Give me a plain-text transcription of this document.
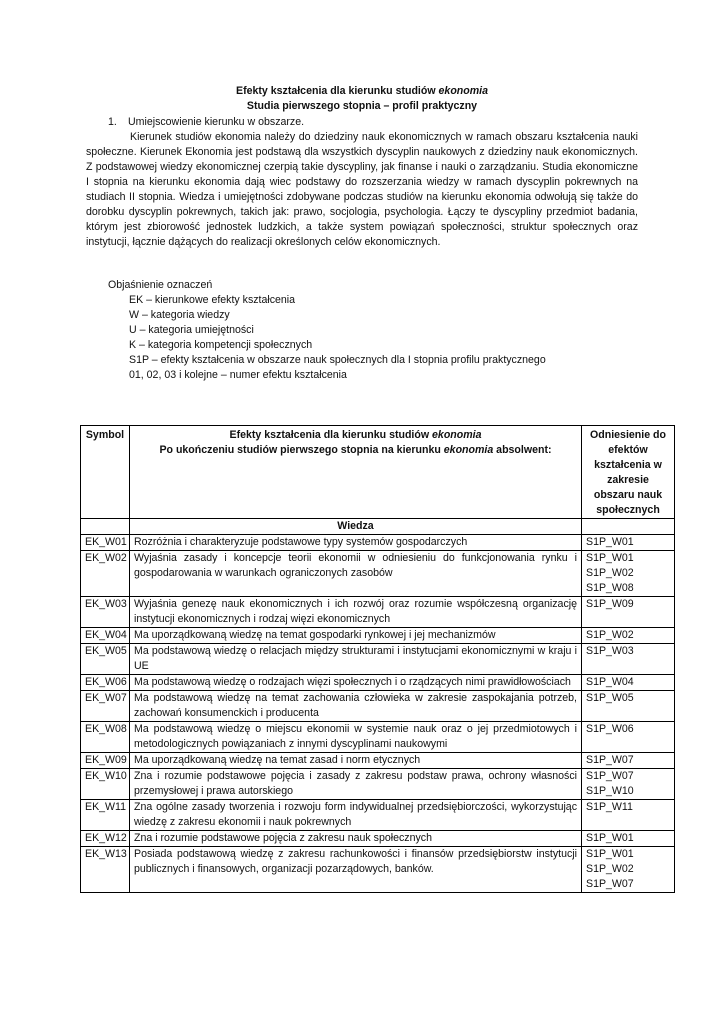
Efekty kształcenia dla kierunku studiów ekonomia
Studia pierwszego stopnia – profil praktyczny
1. Umiejscowienie kierunku w obszarze.

Kierunek studiów ekonomia należy do dziedziny nauk ekonomicznych w ramach obszaru kształcenia nauki społeczne. Kierunek Ekonomia jest podstawą dla wszystkich dyscyplin naukowych z dziedziny nauk ekonomicznych. Z podstawowej wiedzy ekonomicznej czerpią takie dyscypliny, jak finanse i nauki o zarządzaniu. Studia ekonomiczne I stopnia na kierunku ekonomia dają wiec podstawy do rozszerzania wiedzy w ramach dyscyplin pokrewnych na studiach II stopnia. Wiedza i umiejętności zdobywane podczas studiów na kierunku ekonomia odwołują się także do dorobku dyscyplin pokrewnych, takich jak: prawo, socjologia, psychologia. Łączy te dyscypliny przedmiot badania, którym jest zbiorowość jednostek ludzkich, a także system powiązań społeczności, struktur społecznych oraz instytucji, łącznie dążących do realizacji określonych celów ekonomicznych.

Objaśnienie oznaczeń
EK – kierunkowe efekty kształcenia
W – kategoria wiedzy
U – kategoria umiejętności
K – kategoria kompetencji społecznych
S1P – efekty kształcenia w obszarze nauk społecznych dla I stopnia profilu praktycznego
01, 02, 03 i kolejne – numer efektu kształcenia
Symbol	Efekty kształcenia dla kierunku studiów ekonomia
Po ukończeniu studiów pierwszego stopnia na kierunku ekonomia absolwent:	Odniesienie do efektów kształcenia w zakresie obszaru nauk społecznych
	Wiedza	
EK_W01	Rozróżnia i charakteryzuje podstawowe typy systemów gospodarczych	S1P_W01

EK_W02	Wyjaśnia zasady i koncepcje teorii ekonomii w odniesieniu do funkcjonowania rynku i gospodarowania w warunkach ograniczonych zasobów	S1P_W01
S1P_W02
S1P_W08

EK_W03	Wyjaśnia genezę nauk ekonomicznych i ich rozwój oraz rozumie współczesną organizację instytucji ekonomicznych i rodzaj więzi ekonomicznych	S1P_W09

EK_W04	Ma uporządkowaną wiedzę na temat gospodarki rynkowej i jej mechanizmów	S1P_W02

EK_W05	Ma podstawową wiedzę o relacjach między strukturami i instytucjami ekonomicznymi w kraju i UE	S1P_W03

EK_W06	Ma podstawową wiedzę o rodzajach więzi społecznych i o rządzących nimi prawidłowościach	S1P_W04

EK_W07	Ma podstawową wiedzę na temat zachowania człowieka w zakresie zaspokajania potrzeb, zachowań konsumenckich i producenta	S1P_W05

EK_W08	Ma podstawową wiedzę o miejscu ekonomii w systemie nauk oraz o jej przedmiotowych i metodologicznych powiązaniach z innymi dyscyplinami naukowymi	S1P_W06

EK_W09	Ma uporządkowaną wiedzę na temat zasad i norm etycznych	S1P_W07

EK_W10	Zna i rozumie podstawowe pojęcia i zasady z zakresu podstaw prawa, ochrony własności przemysłowej i prawa autorskiego	S1P_W07
S1P_W10

EK_W11	Zna ogólne zasady tworzenia i rozwoju form indywidualnej przedsiębiorczości, wykorzystując wiedzę z zakresu ekonomii i nauk pokrewnych	S1P_W11

EK_W12	Zna i rozumie podstawowe pojęcia z zakresu nauk społecznych	S1P_W01

EK_W13	Posiada podstawową wiedzę z zakresu rachunkowości i finansów przedsiębiorstw instytucji publicznych i finansowych, organizacji pozarządowych, banków.	S1P_W01
S1P_W02
S1P_W07
